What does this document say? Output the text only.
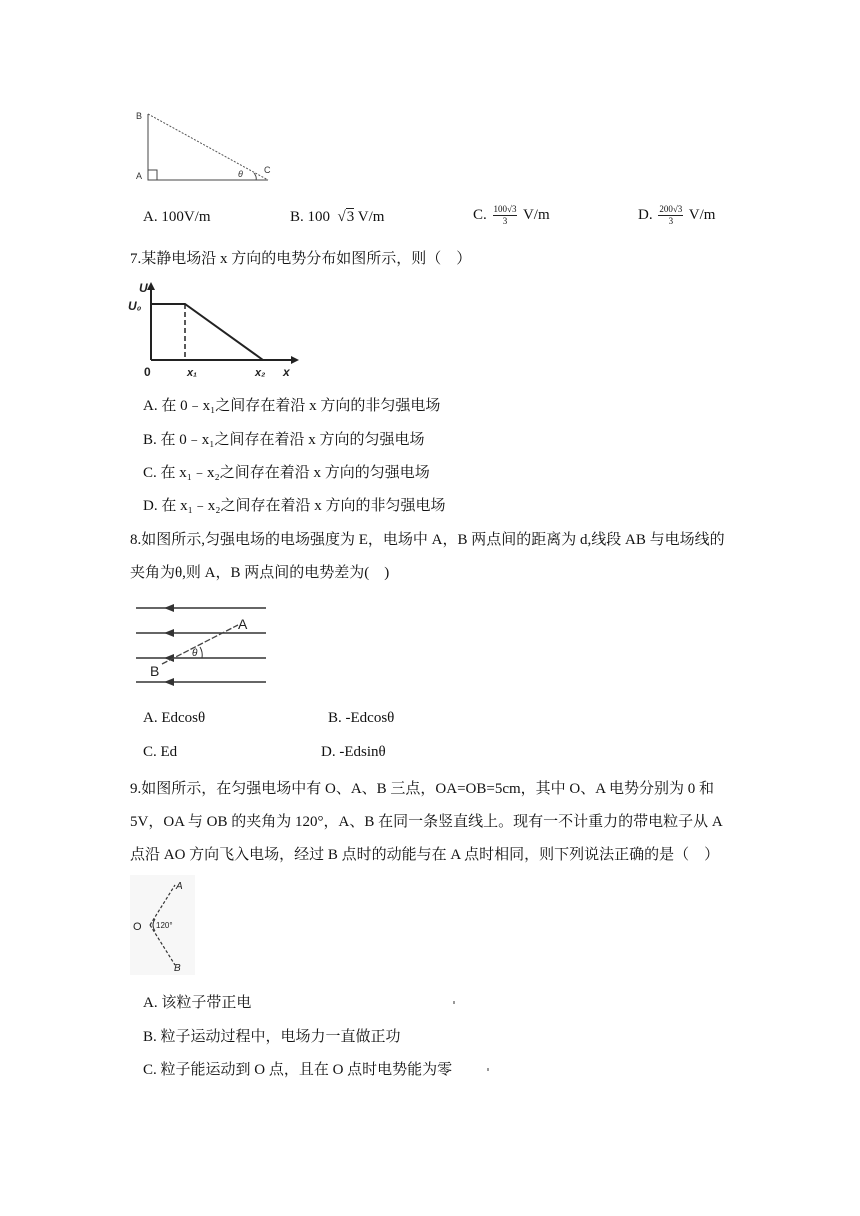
B
A
C
θ
A. 100V/m	B. 100  √3 V/m	C. $\frac{100√3}{3} V/m$	D. $\frac{200√3}{3} V/m$
7.某静电场沿 x 方向的电势分布如图所示，则（　）
U
U₀
0	x₁	x₂ x
A. 在 0﹣x₁之间存在着沿 x 方向的非匀强电场
B. 在 0﹣x₁之间存在着沿 x 方向的匀强电场
C. 在 x₁﹣x₂之间存在着沿 x 方向的匀强电场
D. 在 x₁﹣x₂之间存在着沿 x 方向的非匀强电场
8.如图所示,匀强电场的电场强度为 E，电场中 A，B 两点间的距离为 d,线段 AB 与电场线的
夹角为θ,则 A，B 两点间的电势差为(　)
A
B
θ
A. Edcosθ	B. -Edcosθ
C. Ed	D. -Edsinθ
9.如图所示，在匀强电场中有 O、A、B 三点，OA=OB=5cm，其中 O、A 电势分别为 0 和
5V，OA 与 OB 的夹角为 120°，A、B 在同一条竖直线上。现有一不计重力的带电粒子从 A
点沿 AO 方向飞入电场，经过 B 点时的动能与在 A 点时相同，则下列说法正确的是（　）
O
A
B
120°
A. 该粒子带正电
B. 粒子运动过程中，电场力一直做正功
C. 粒子能运动到 O 点，且在 O 点时电势能为零
